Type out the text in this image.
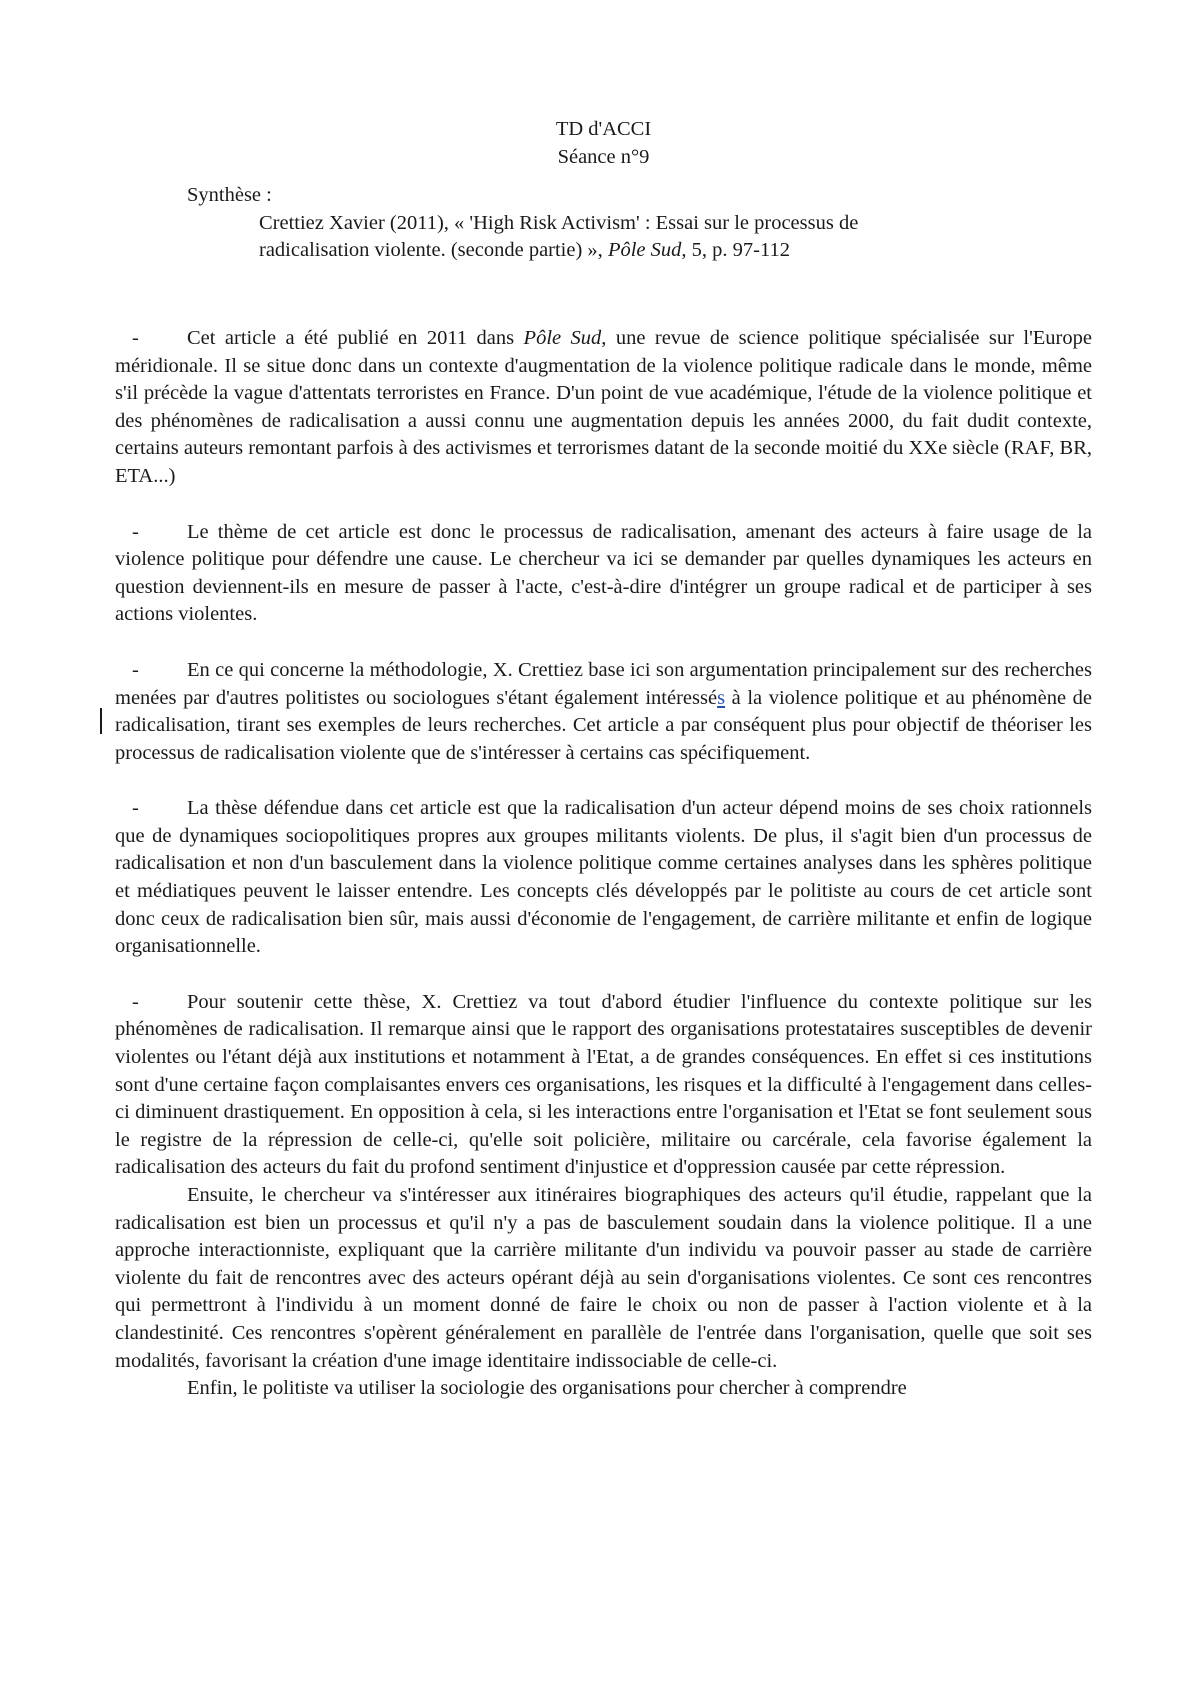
TD d'ACCI
Séance n°9
Synthèse :
Crettiez Xavier (2011), « 'High Risk Activism' : Essai sur le processus de
radicalisation violente. (seconde partie) », Pôle Sud, 5, p. 97-112

- Cet article a été publié en 2011 dans Pôle Sud, une revue de science politique spécialisée sur l'Europe méridionale. Il se situe donc dans un contexte d'augmentation de la violence politique radicale dans le monde, même s'il précède la vague d'attentats terroristes en France. D'un point de vue académique, l'étude de la violence politique et des phénomènes de radicalisation a aussi connu une augmentation depuis les années 2000, du fait dudit contexte, certains auteurs remontant parfois à des activismes et terrorismes datant de la seconde moitié du XXe siècle (RAF, BR, ETA...)

- Le thème de cet article est donc le processus de radicalisation, amenant des acteurs à faire usage de la violence politique pour défendre une cause. Le chercheur va ici se demander par quelles dynamiques les acteurs en question deviennent-ils en mesure de passer à l'acte, c'est-à-dire d'intégrer un groupe radical et de participer à ses actions violentes.

- En ce qui concerne la méthodologie, X. Crettiez base ici son argumentation principalement sur des recherches menées par d'autres politistes ou sociologues s'étant également intéressés à la violence politique et au phénomène de radicalisation, tirant ses exemples de leurs recherches. Cet article a par conséquent plus pour objectif de théoriser les processus de radicalisation violente que de s'intéresser à certains cas spécifiquement.

- La thèse défendue dans cet article est que la radicalisation d'un acteur dépend moins de ses choix rationnels que de dynamiques sociopolitiques propres aux groupes militants violents. De plus, il s'agit bien d'un processus de radicalisation et non d'un basculement dans la violence politique comme certaines analyses dans les sphères politique et médiatiques peuvent le laisser entendre. Les concepts clés développés par le politiste au cours de cet article sont donc ceux de radicalisation bien sûr, mais aussi d'économie de l'engagement, de carrière militante et enfin de logique organisationnelle.

- Pour soutenir cette thèse, X. Crettiez va tout d'abord étudier l'influence du contexte politique sur les phénomènes de radicalisation. Il remarque ainsi que le rapport des organisations protestataires susceptibles de devenir violentes ou l'étant déjà aux institutions et notamment à l'Etat, a de grandes conséquences. En effet si ces institutions sont d'une certaine façon complaisantes envers ces organisations, les risques et la difficulté à l'engagement dans celles-ci diminuent drastiquement. En opposition à cela, si les interactions entre l'organisation et l'Etat se font seulement sous le registre de la répression de celle-ci, qu'elle soit policière, militaire ou carcérale, cela favorise également la radicalisation des acteurs du fait du profond sentiment d'injustice et d'oppression causée par cette répression.

Ensuite, le chercheur va s'intéresser aux itinéraires biographiques des acteurs qu'il étudie, rappelant que la radicalisation est bien un processus et qu'il n'y a pas de basculement soudain dans la violence politique. Il a une approche interactionniste, expliquant que la carrière militante d'un individu va pouvoir passer au stade de carrière violente du fait de rencontres avec des acteurs opérant déjà au sein d'organisations violentes. Ce sont ces rencontres qui permettront à l'individu à un moment donné de faire le choix ou non de passer à l'action violente et à la clandestinité. Ces rencontres s'opèrent généralement en parallèle de l'entrée dans l'organisation, quelle que soit ses modalités, favorisant la création d'une image identitaire indissociable de celle-ci.

Enfin, le politiste va utiliser la sociologie des organisations pour chercher à comprendre
